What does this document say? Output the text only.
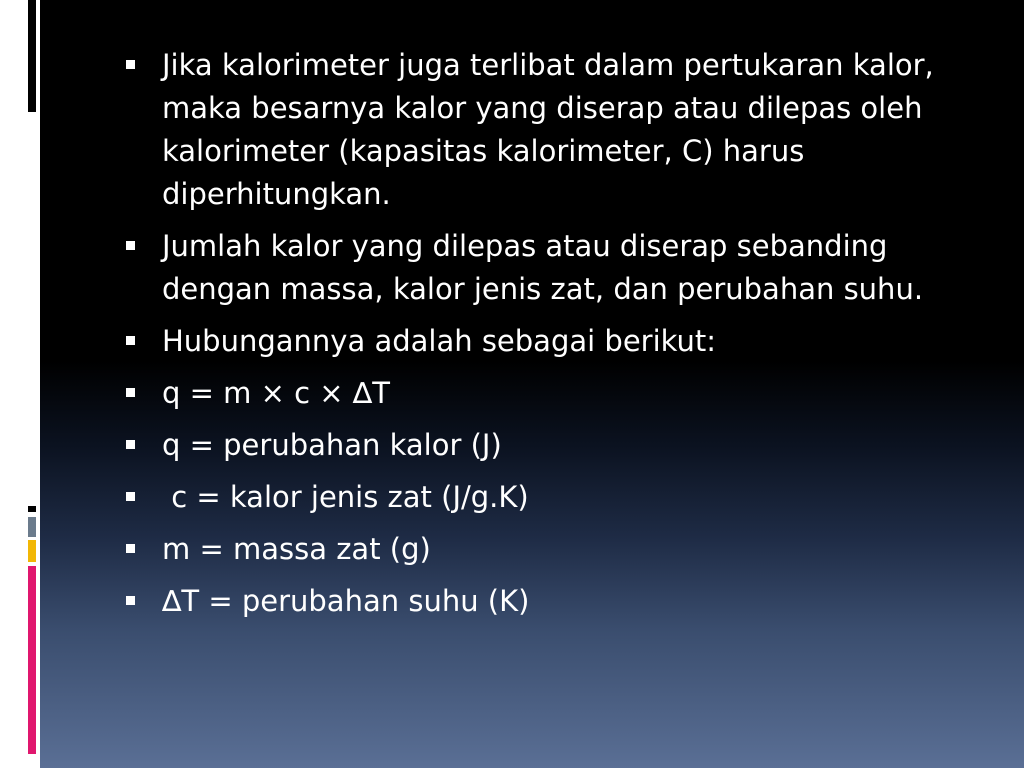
Jika kalorimeter juga terlibat dalam pertukaran kalor, maka besarnya kalor yang diserap atau dilepas oleh kalorimeter (kapasitas kalorimeter, C) harus diperhitungkan.
Jumlah kalor yang dilepas atau diserap sebanding dengan massa, kalor jenis zat, dan perubahan suhu.
Hubungannya adalah sebagai berikut:
q = m × c × ∆T
q = perubahan kalor (J)
c = kalor jenis zat (J/g.K)
m = massa zat (g)
∆T = perubahan suhu (K)
